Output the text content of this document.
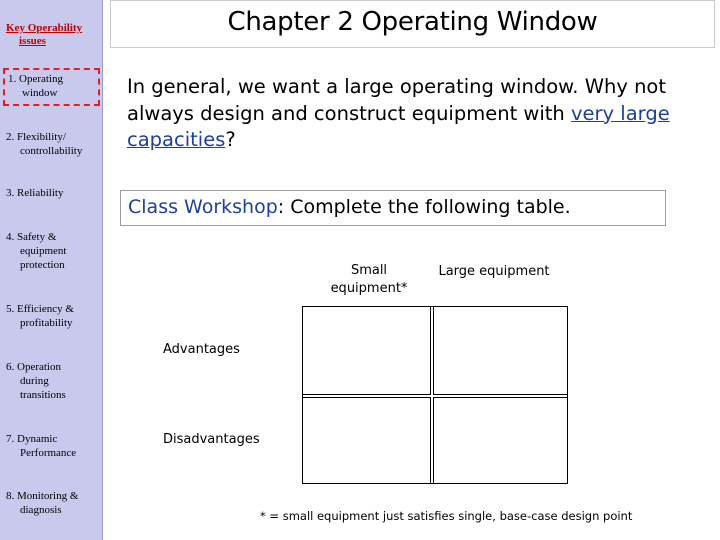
Key Operability
issues
1. Operating
window
2. Flexibility/
controllability
3. Reliability
4. Safety &
equipment
protection
5. Efficiency &
profitability
6. Operation
during
transitions
7. Dynamic
Performance
8. Monitoring &
diagnosis
Chapter 2 Operating Window
In general, we want a large operating window. Why not always design and construct equipment with very large capacities?
Class Workshop: Complete the following table.
Small equipment*
Large equipment
Advantages
Disadvantages
* = small equipment just satisfies single, base-case design point
